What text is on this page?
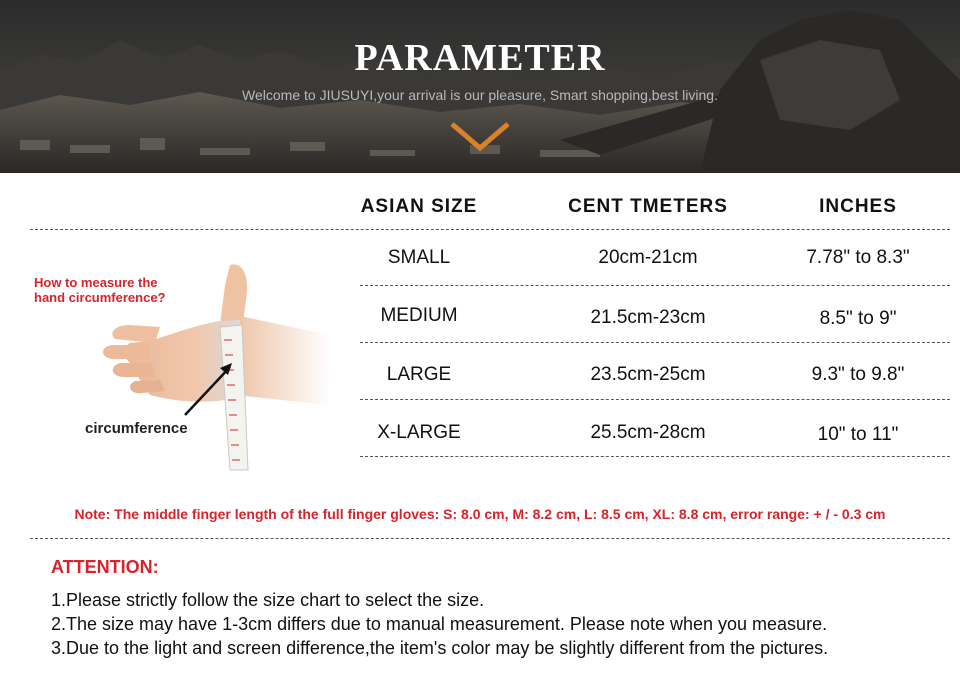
PARAMETER
Welcome to JIUSUYI,your arrival is our pleasure, Smart shopping,best living.
ASIAN SIZE	CENT TMETERS	INCHES
SMALL	20cm-21cm	7.78" to 8.3"
MEDIUM	21.5cm-23cm	8.5" to 9"
LARGE	23.5cm-25cm	9.3" to 9.8"
X-LARGE	25.5cm-28cm	10" to 11"
How to measure the
hand circumference?
circumference
Note: The middle finger length of the full finger gloves: S: 8.0 cm, M: 8.2 cm, L: 8.5 cm, XL: 8.8 cm, error range: + / - 0.3 cm
ATTENTION:
1.Please strictly follow the size chart to select the size.
2.The size may have 1-3cm differs due to manual measurement. Please note when you measure.
3.Due to the light and screen difference,the item's color may be slightly different from the pictures.
